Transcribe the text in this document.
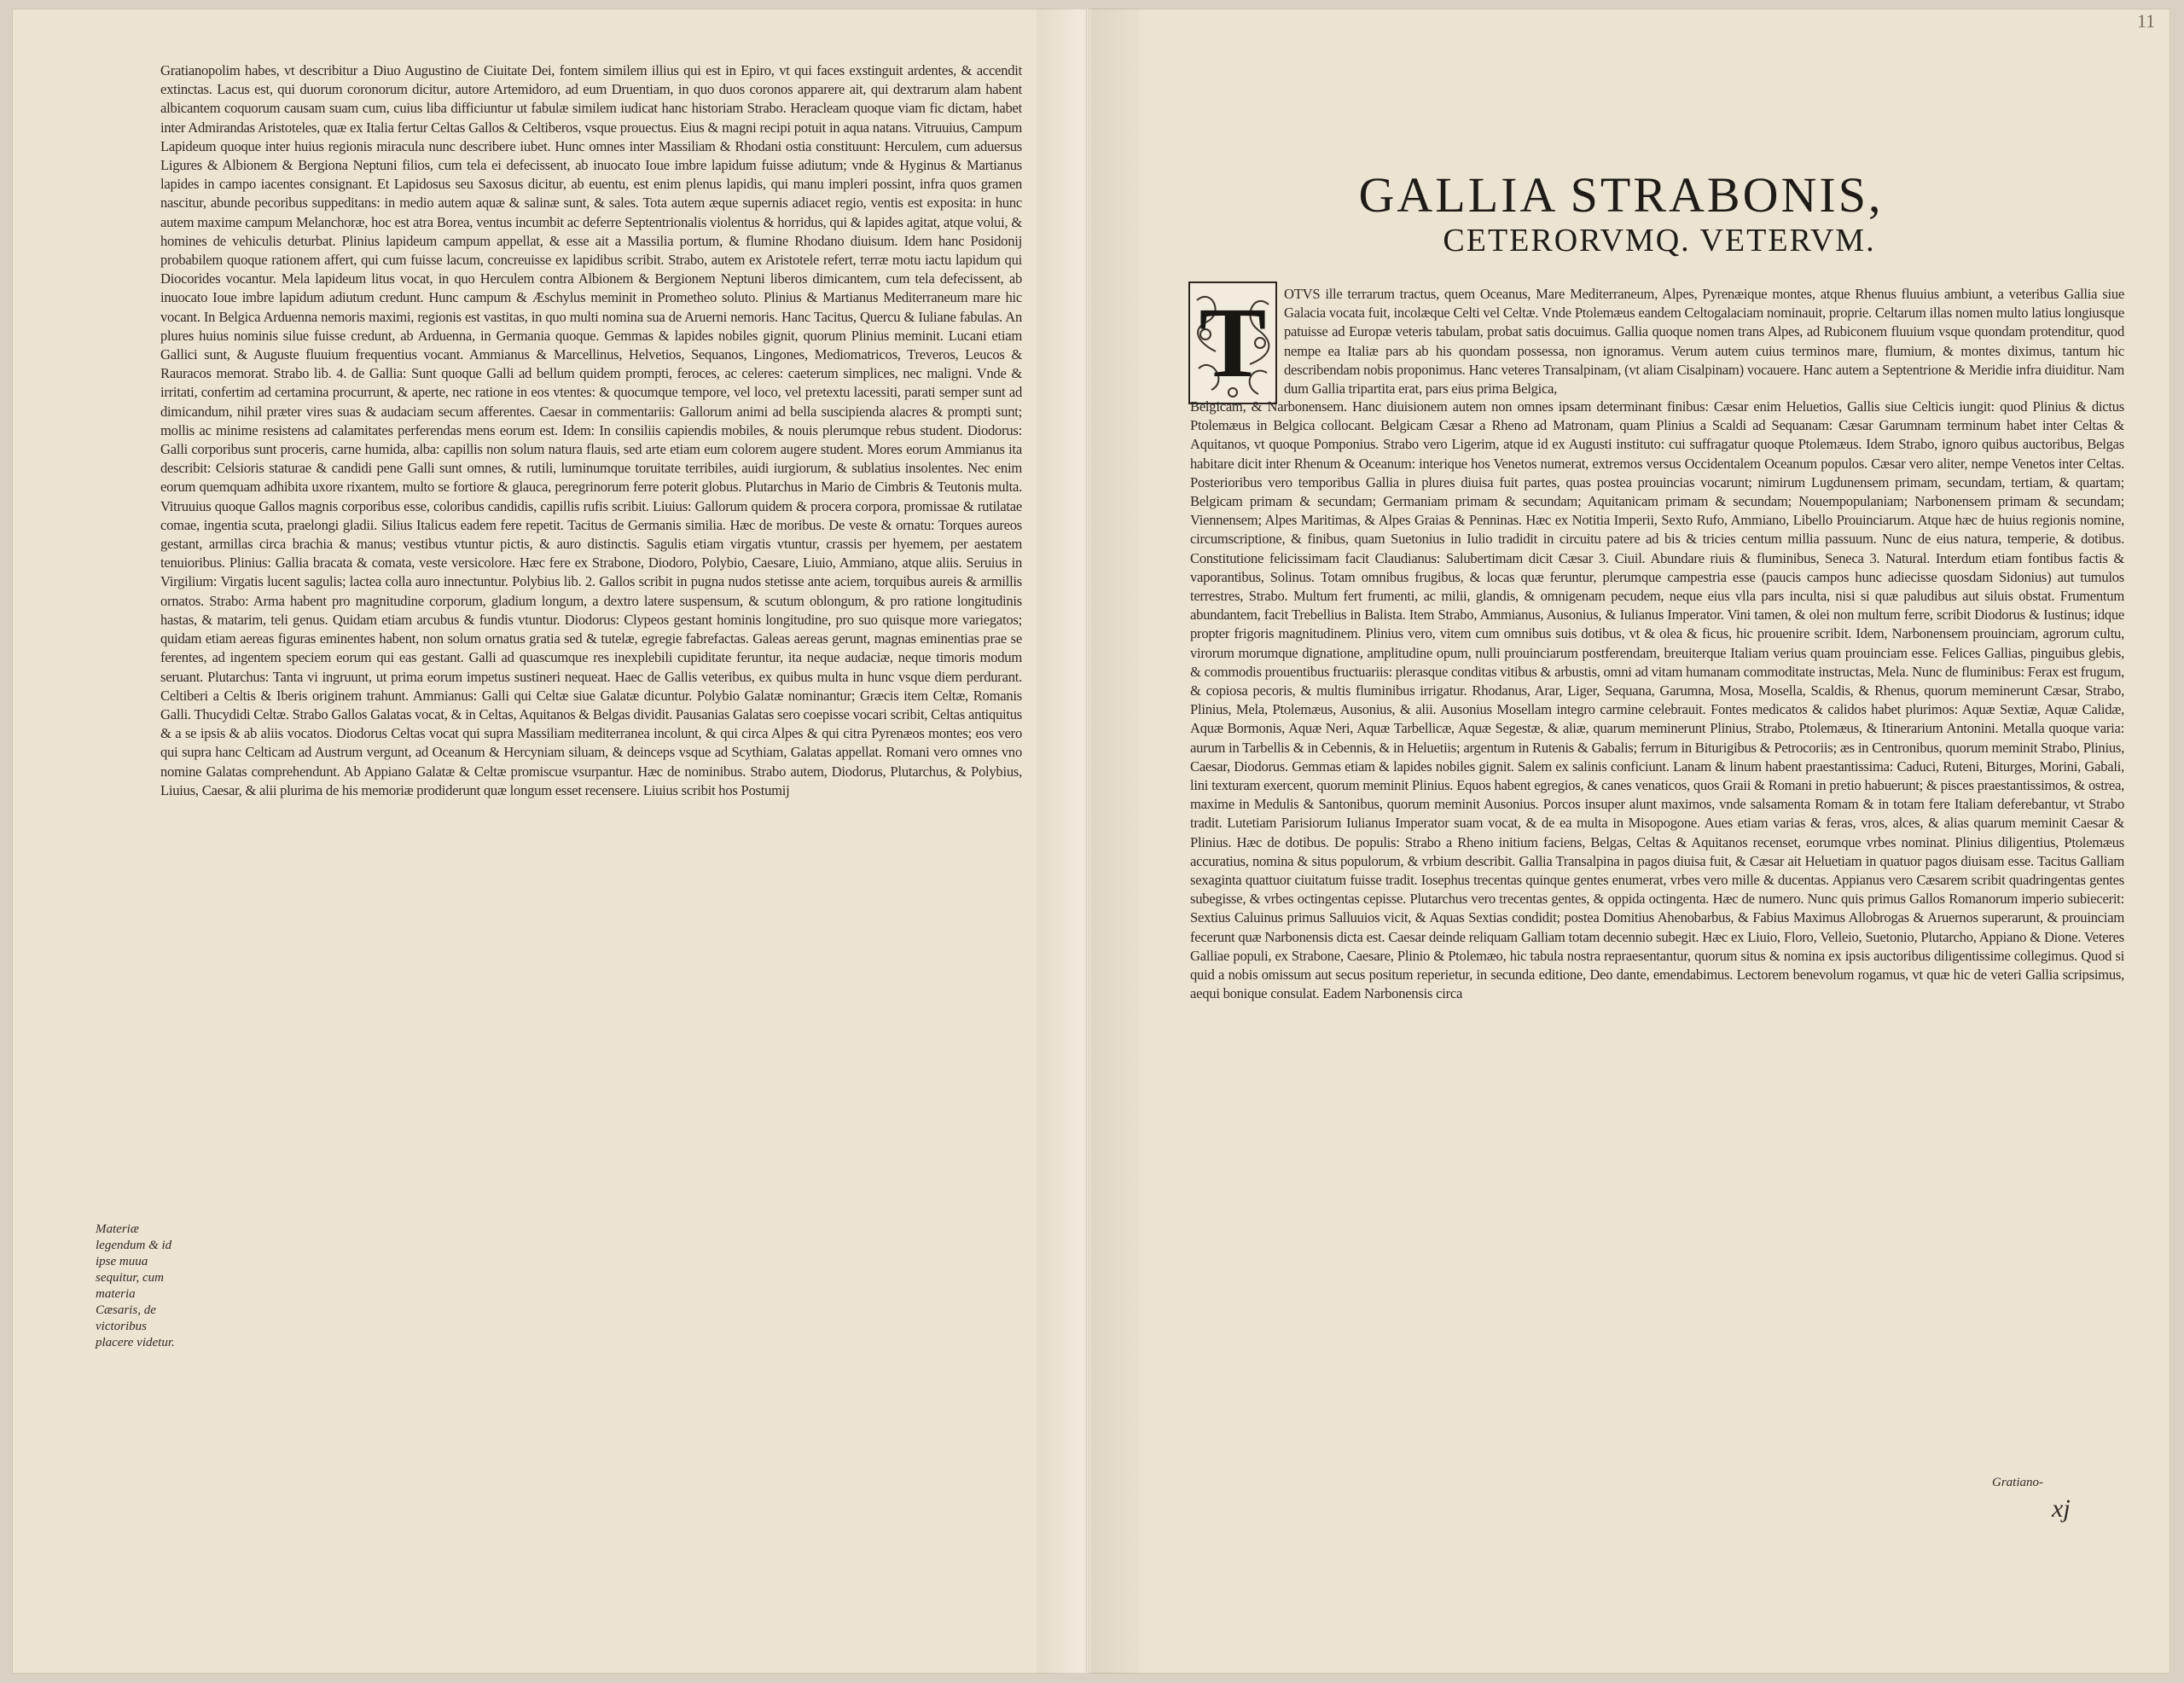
Gratianopolim habes, vt describitur a Diuo Augustino de Ciuitate Dei, fontem similem illius qui est in Epiro, vt qui faces exstinguit ardentes, & accendit extinctas. Lacus est, qui duorum coronorum dicitur, autore Artemidoro, ad eum Druentiam, in quo duos coronos apparere ait, qui dextrarum alam habent albicantem coquorum causam suam cum, cuius liba difficiuntur ut fabulæ similem iudicat hanc historiam Strabo. Heracleam quoque viam fic dictam, habet inter Admirandas Aristoteles, quæ ex Italia fertur Celtas Gallos & Celtiberos, vsque prouectus. Eius & magni recipi potuit in aqua natans. Vitruuius, Campum Lapideum quoque inter huius regionis miracula nunc describere iubet. Hunc omnes inter Massiliam & Rhodani ostia constituunt: Herculem, cum aduersus Ligures & Albionem & Bergiona Neptuni filios, cum tela ei defecissent, ab inuocato Ioue imbre lapidum fuisse adiutum; vnde & Hyginus & Martianus lapides in campo iacentes consignant. Et Lapidosus seu Saxosus dicitur, ab euentu, est enim plenus lapidis, qui manu impleri possint, infra quos gramen nascitur, abunde pecoribus suppeditans: in medio autem aquæ & salinæ sunt, & sales. Tota autem æque supernis adiacet regio, ventis est exposita: in hunc autem maxime campum Melanchoræ, hoc est atra Borea, ventus incumbit ac deferre Septentrionalis violentus & horridus, qui & lapides agitat, atque volui, & homines de vehiculis deturbat. Plinius lapideum campum appellat, & esse ait a Massilia portum, & flumine Rhodano diuisum. Idem hanc Posidonij probabilem quoque rationem affert, qui cum fuisse lacum, concreuisse ex lapidibus scribit. Strabo, autem ex Aristotele refert, terræ motu iactu lapidum qui Diocorides vocantur. Mela lapideum litus vocat, in quo Herculem contra Albionem & Bergionem Neptuni liberos dimicantem, cum tela defecissent, ab inuocato Ioue imbre lapidum adiutum credunt. Hunc campum & Æschylus meminit in Prometheo soluto. Plinius & Martianus Mediterraneum mare hic vocant. In Belgica Arduenna nemoris maximi, regionis est vastitas, in quo multi nomina sua de Aruerni nemoris. Hanc Tacitus, Quercu & Iuliane fabulas. An plures huius nominis silue fuisse credunt, ab Arduenna, in Germania quoque. Gemmas & lapides nobiles gignit, quorum Plinius meminit. Lucani etiam Gallici sunt, & Auguste fluuium frequentius vocant. Ammianus & Marcellinus, Helvetios, Sequanos, Lingones, Mediomatricos, Treveros, Leucos & Rauracos memorat. Strabo lib. 4. de Gallia: Sunt quoque Galli ad bellum quidem prompti, feroces, ac celeres: caeterum simplices, nec maligni. Vnde & irritati, confertim ad certamina procurrunt, & aperte, nec ratione in eos vtentes: & quocumque tempore, vel loco, vel pretextu lacessiti, parati semper sunt ad dimicandum, nihil præter vires suas & audaciam secum afferentes. Caesar in commentariis: Gallorum animi ad bella suscipienda alacres & prompti sunt; mollis ac minime resistens ad calamitates perferendas mens eorum est. Idem: In consiliis capiendis mobiles, & nouis plerumque rebus student. Diodorus: Galli corporibus sunt proceris, carne humida, alba: capillis non solum natura flauis, sed arte etiam eum colorem augere student. Mores eorum Ammianus ita describit: Celsioris staturae & candidi pene Galli sunt omnes, & rutili, luminumque toruitate terribiles, auidi iurgiorum, & sublatius insolentes. Nec enim eorum quemquam adhibita uxore rixantem, multo se fortiore & glauca, peregrinorum ferre poterit globus. Plutarchus in Mario de Cimbris & Teutonis multa. Vitruuius quoque Gallos magnis corporibus esse, coloribus candidis, capillis rufis scribit. Liuius: Gallorum quidem & procera corpora, promissae & rutilatae comae, ingentia scuta, praelongi gladii. Silius Italicus eadem fere repetit. Tacitus de Germanis similia. Hæc de moribus. De veste & ornatu: Torques aureos gestant, armillas circa brachia & manus; vestibus vtuntur pictis, & auro distinctis. Sagulis etiam virgatis vtuntur, crassis per hyemem, per aestatem tenuioribus. Plinius: Gallia bracata & comata, veste versicolore. Hæc fere ex Strabone, Diodoro, Polybio, Caesare, Liuio, Ammiano, atque aliis. Seruius in Virgilium: Virgatis lucent sagulis; lactea colla auro innectuntur. Polybius lib. 2. Gallos scribit in pugna nudos stetisse ante aciem, torquibus aureis & armillis ornatos. Strabo: Arma habent pro magnitudine corporum, gladium longum, a dextro latere suspensum, & scutum oblongum, & pro ratione longitudinis hastas, & matarim, teli genus. Quidam etiam arcubus & fundis vtuntur. Diodorus: Clypeos gestant hominis longitudine, pro suo quisque more variegatos; quidam etiam aereas figuras eminentes habent, non solum ornatus gratia sed & tutelæ, egregie fabrefactas. Galeas aereas gerunt, magnas eminentias prae se ferentes, ad ingentem speciem eorum qui eas gestant. Galli ad quascumque res inexplebili cupiditate feruntur, ita neque audaciæ, neque timoris modum seruant. Plutarchus: Tanta vi ingruunt, ut prima eorum impetus sustineri nequeat. Haec de Gallis veteribus, ex quibus multa in hunc vsque diem perdurant. Celtiberi a Celtis & Iberis originem trahunt. Ammianus: Galli qui Celtæ siue Galatæ dicuntur. Polybio Galatæ nominantur; Græcis item Celtæ, Romanis Galli. Thucydidi Celtæ. Strabo Gallos Galatas vocat, & in Celtas, Aquitanos & Belgas dividit. Pausanias Galatas sero coepisse vocari scribit, Celtas antiquitus & a se ipsis & ab aliis vocatos. Diodorus Celtas vocat qui supra Massiliam mediterranea incolunt, & qui circa Alpes & qui citra Pyrenæos montes; eos vero qui supra hanc Celticam ad Austrum vergunt, ad Oceanum & Hercyniam siluam, & deinceps vsque ad Scythiam, Galatas appellat. Romani vero omnes vno nomine Galatas comprehendunt. Ab Appiano Galatæ & Celtæ promiscue vsurpantur. Hæc de nominibus. Strabo autem, Diodorus, Plutarchus, & Polybius, Liuius, Caesar, & alii plurima de his memoriæ prodiderunt quæ longum esset recensere. Liuius scribit hos Postumij
Materiæ legendum & id ipse muua sequitur, cum materia Cæsaris, de victoribus placere videtur.
GALLIA STRABONIS,
CETERORVMQ. VETERVM.
T	OTVS ille terrarum tractus, quem Oceanus, Mare Mediterraneum, Alpes, Pyrenæique montes, atque Rhenus fluuius ambiunt, a veteribus Gallia siue Galacia vocata fuit, incolæque Celti vel Celtæ. Vnde Ptolemæus eandem Celtogalaciam nominauit, proprie. Celtarum illas nomen multo latius longiusque patuisse ad Europæ veteris tabulam, probat satis docuimus. Gallia quoque nomen trans Alpes, ad Rubiconem fluuium vsque quondam protenditur, quod nempe ea Italiæ pars ab his quondam possessa, non ignoramus. Verum autem cuius terminos mare, flumium, & montes diximus, tantum hic describendam nobis proponimus. Hanc veteres Transalpinam, (vt aliam Cisalpinam) vocauere. Hanc autem a Septentrione & Meridie infra diuiditur. Nam dum Gallia tripartita erat, pars eius prima Belgica,
Belgicam, & Narbonensem. Hanc diuisionem autem non omnes ipsam determinant finibus: Cæsar enim Heluetios, Gallis siue Celticis iungit: quod Plinius & dictus Ptolemæus in Belgica collocant. Belgicam Cæsar a Rheno ad Matronam, quam Plinius a Scaldi ad Sequanam: Cæsar Garumnam terminum habet inter Celtas & Aquitanos, vt quoque Pomponius. Strabo vero Ligerim, atque id ex Augusti instituto: cui suffragatur quoque Ptolemæus. Idem Strabo, ignoro quibus auctoribus, Belgas habitare dicit inter Rhenum & Oceanum: interique hos Venetos numerat, extremos versus Occidentalem Oceanum populos. Cæsar vero aliter, nempe Venetos inter Celtas. Posterioribus vero temporibus Gallia in plures diuisa fuit partes, quas postea prouincias vocarunt; nimirum Lugdunensem primam, secundam, tertiam, & quartam; Belgicam primam & secundam; Germaniam primam & secundam; Aquitanicam primam & secundam; Nouempopulaniam; Narbonensem primam & secundam; Viennensem; Alpes Maritimas, & Alpes Graias & Penninas. Hæc ex Notitia Imperii, Sexto Rufo, Ammiano, Libello Prouinciarum. Atque hæc de huius regionis nomine, circumscriptione, & finibus, quam Suetonius in Iulio tradidit in circuitu patere ad bis & tricies centum millia passuum. Nunc de eius natura, temperie, & dotibus. Constitutione felicissimam facit Claudianus: Salubertimam dicit Cæsar 3. Ciuil. Abundare riuis & fluminibus, Seneca 3. Natural. Interdum etiam fontibus factis & vaporantibus, Solinus. Totam omnibus frugibus, & locas quæ feruntur, plerumque campestria esse (paucis campos hunc adiecisse quosdam Sidonius) aut tumulos terrestres, Strabo. Multum fert frumenti, ac milii, glandis, & omnigenam pecudem, neque eius vlla pars inculta, nisi si quæ paludibus aut siluis obstat. Frumentum abundantem, facit Trebellius in Balista. Item Strabo, Ammianus, Ausonius, & Iulianus Imperator. Vini tamen, & olei non multum ferre, scribit Diodorus & Iustinus; idque propter frigoris magnitudinem. Plinius vero, vitem cum omnibus suis dotibus, vt & olea & ficus, hic prouenire scribit. Idem, Narbonensem prouinciam, agrorum cultu, virorum morumque dignatione, amplitudine opum, nulli prouinciarum postferendam, breuiterque Italiam verius quam prouinciam esse. Felices Gallias, pinguibus glebis, & commodis prouentibus fructuariis: plerasque conditas vitibus & arbustis, omni ad vitam humanam commoditate instructas, Mela. Nunc de fluminibus: Ferax est frugum, & copiosa pecoris, & multis fluminibus irrigatur. Rhodanus, Arar, Liger, Sequana, Garumna, Mosa, Mosella, Scaldis, & Rhenus, quorum meminerunt Cæsar, Strabo, Plinius, Mela, Ptolemæus, Ausonius, & alii. Ausonius Mosellam integro carmine celebrauit. Fontes medicatos & calidos habet plurimos: Aquæ Sextiæ, Aquæ Calidæ, Aquæ Bormonis, Aquæ Neri, Aquæ Tarbellicæ, Aquæ Segestæ, & aliæ, quarum meminerunt Plinius, Strabo, Ptolemæus, & Itinerarium Antonini. Metalla quoque varia: aurum in Tarbellis & in Cebennis, & in Heluetiis; argentum in Rutenis & Gabalis; ferrum in Biturigibus & Petrocoriis; æs in Centronibus, quorum meminit Strabo, Plinius, Caesar, Diodorus. Gemmas etiam & lapides nobiles gignit. Salem ex salinis conficiunt. Lanam & linum habent praestantissima: Caduci, Ruteni, Biturges, Morini, Gabali, lini texturam exercent, quorum meminit Plinius. Equos habent egregios, & canes venaticos, quos Graii & Romani in pretio habuerunt; & pisces praestantissimos, & ostrea, maxime in Medulis & Santonibus, quorum meminit Ausonius. Porcos insuper alunt maximos, vnde salsamenta Romam & in totam fere Italiam deferebantur, vt Strabo tradit. Lutetiam Parisiorum Iulianus Imperator suam vocat, & de ea multa in Misopogone. Aues etiam varias & feras, vros, alces, & alias quarum meminit Caesar & Plinius. Hæc de dotibus. De populis: Strabo a Rheno initium faciens, Belgas, Celtas & Aquitanos recenset, eorumque vrbes nominat. Plinius diligentius, Ptolemæus accuratius, nomina & situs populorum, & vrbium describit. Gallia Transalpina in pagos diuisa fuit, & Cæsar ait Heluetiam in quatuor pagos diuisam esse. Tacitus Galliam sexaginta quattuor ciuitatum fuisse tradit. Iosephus trecentas quinque gentes enumerat, vrbes vero mille & ducentas. Appianus vero Cæsarem scribit quadringentas gentes subegisse, & vrbes octingentas cepisse. Plutarchus vero trecentas gentes, & oppida octingenta. Hæc de numero. Nunc quis primus Gallos Romanorum imperio subiecerit: Sextius Caluinus primus Salluuios vicit, & Aquas Sextias condidit; postea Domitius Ahenobarbus, & Fabius Maximus Allobrogas & Aruernos superarunt, & prouinciam fecerunt quæ Narbonensis dicta est. Caesar deinde reliquam Galliam totam decennio subegit. Hæc ex Liuio, Floro, Velleio, Suetonio, Plutarcho, Appiano & Dione. Veteres Galliae populi, ex Strabone, Caesare, Plinio & Ptolemæo, hic tabula nostra repraesentantur, quorum situs & nomina ex ipsis auctoribus diligentissime collegimus. Quod si quid a nobis omissum aut secus positum reperietur, in secunda editione, Deo dante, emendabimus. Lectorem benevolum rogamus, vt quæ hic de veteri Gallia scripsimus, aequi bonique consulat. Eadem Narbonensis circa
Gratiano-
xj
11
